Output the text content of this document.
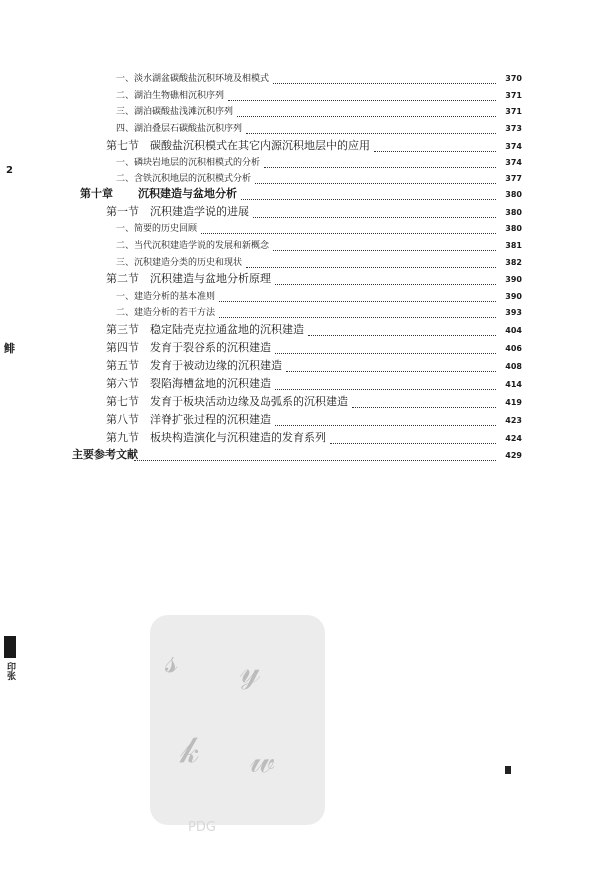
一、淡水湖盆碳酸盐沉积环境及相模式	370
二、湖泊生物礁相沉积序列	371
三、湖泊碳酸盐浅滩沉积序列	371
四、湖泊叠层石碳酸盐沉积序列	373
第七节 碳酸盐沉积模式在其它内源沉积地层中的应用	374
一、磷块岩地层的沉积相模式的分析	374
二、含铁沉积地层的沉积模式分析	377
第十章 沉积建造与盆地分析	380
第一节 沉积建造学说的进展	380
一、简要的历史回顾	380
二、当代沉积建造学说的发展和新概念	381
三、沉积建造分类的历史和现状	382
第二节 沉积建造与盆地分析原理	390
一、建造分析的基本准则	390
二、建造分析的若干方法	393
第三节 稳定陆壳克拉通盆地的沉积建造	404
第四节 发育于裂谷系的沉积建造	406
第五节 发育于被动边缘的沉积建造	408
第六节 裂陷海槽盆地的沉积建造	414
第七节 发育于板块活动边缘及岛弧系的沉积建造	419
第八节 洋脊扩张过程的沉积建造	423
第九节 板块构造演化与沉积建造的发育系列	424
主要参考文献	429
2
鲱
印张	𝓈 𝓎
𝓀 𝓌
PDG
